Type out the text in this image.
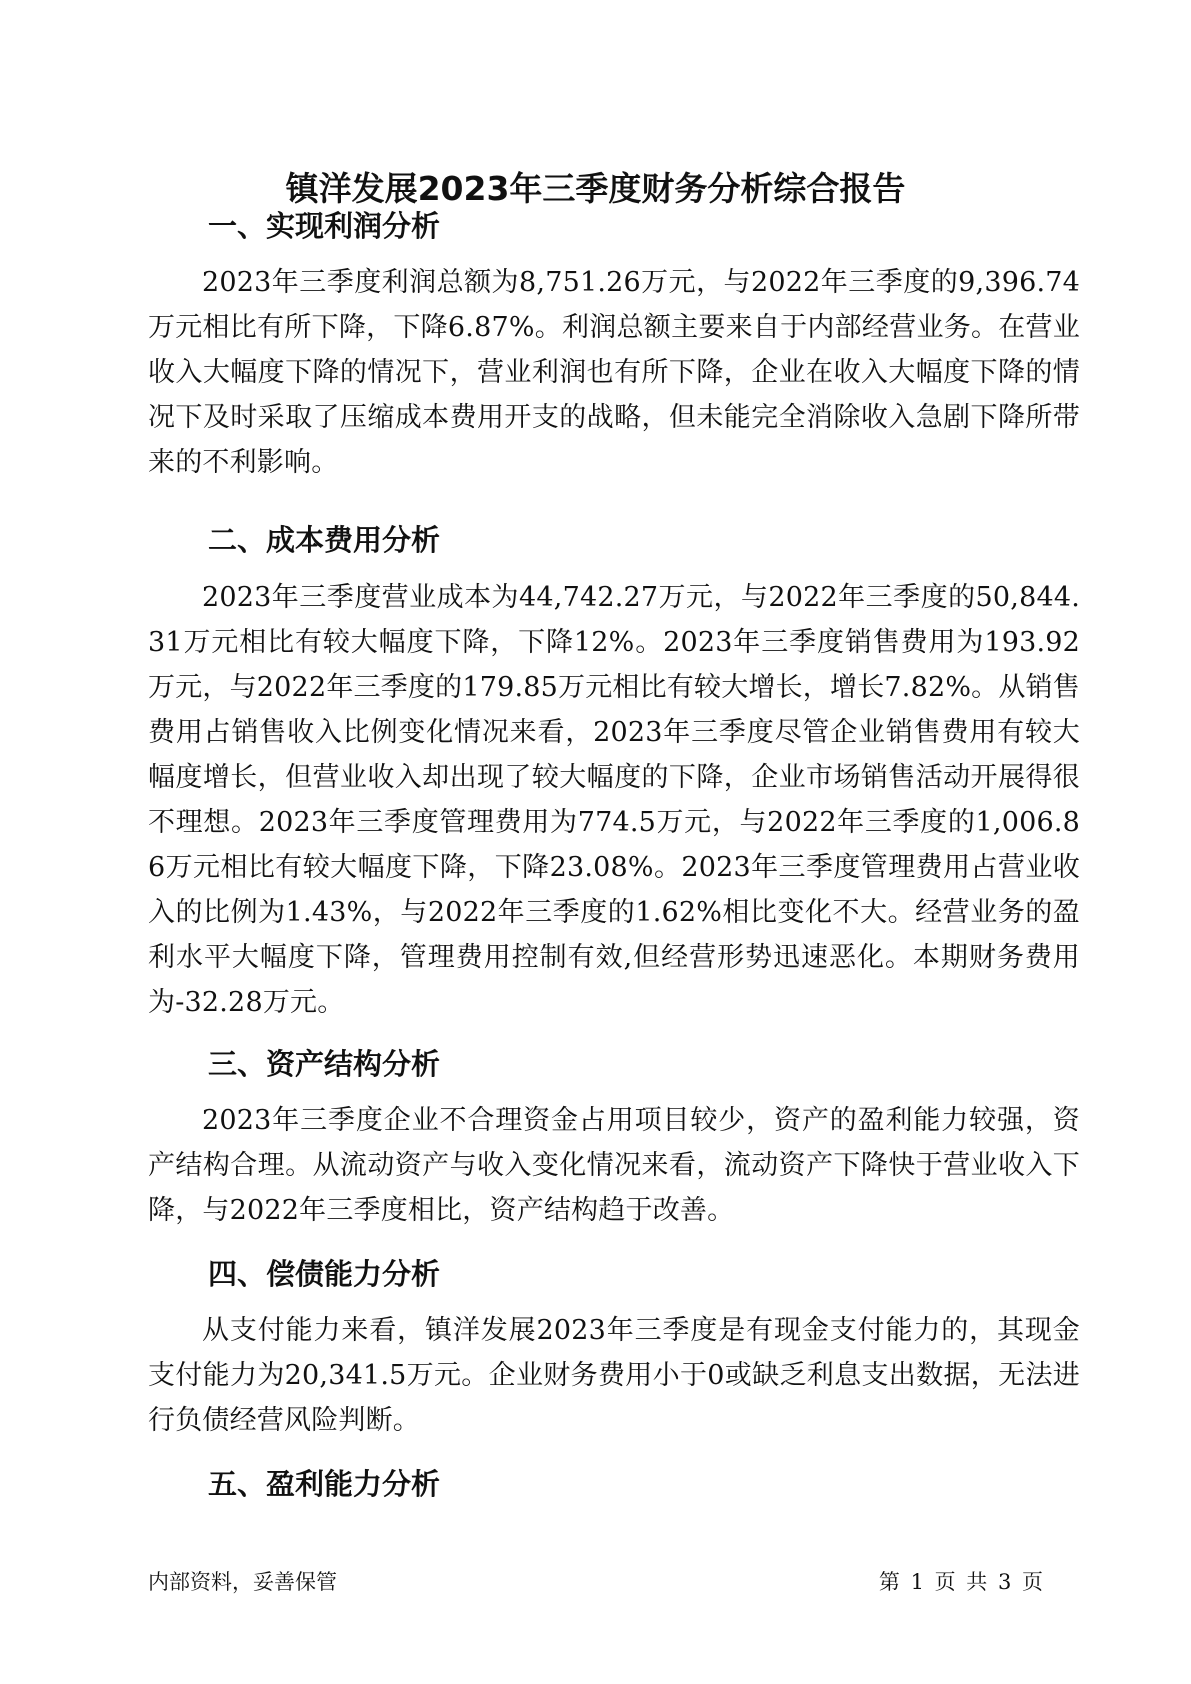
镇洋发展2023年三季度财务分析综合报告
一、实现利润分析

2023年三季度利润总额为8,751.26万元，与2022年三季度的9,396.74万元相比有所下降，下降6.87%。利润总额主要来自于内部经营业务。在营业收入大幅度下降的情况下，营业利润也有所下降，企业在收入大幅度下降的情况下及时采取了压缩成本费用开支的战略，但未能完全消除收入急剧下降所带来的不利影响。

二、成本费用分析

2023年三季度营业成本为44,742.27万元，与2022年三季度的50,844.31万元相比有较大幅度下降，下降12%。2023年三季度销售费用为193.92万元，与2022年三季度的179.85万元相比有较大增长，增长7.82%。从销售费用占销售收入比例变化情况来看，2023年三季度尽管企业销售费用有较大幅度增长，但营业收入却出现了较大幅度的下降，企业市场销售活动开展得很不理想。2023年三季度管理费用为774.5万元，与2022年三季度的1,006.86万元相比有较大幅度下降，下降23.08%。2023年三季度管理费用占营业收入的比例为1.43%，与2022年三季度的1.62%相比变化不大。经营业务的盈利水平大幅度下降，管理费用控制有效,但经营形势迅速恶化。本期财务费用为-32.28万元。

三、资产结构分析

2023年三季度企业不合理资金占用项目较少，资产的盈利能力较强，资产结构合理。从流动资产与收入变化情况来看，流动资产下降快于营业收入下降，与2022年三季度相比，资产结构趋于改善。

四、偿债能力分析

从支付能力来看，镇洋发展2023年三季度是有现金支付能力的，其现金支付能力为20,341.5万元。企业财务费用小于0或缺乏利息支出数据，无法进行负债经营风险判断。

五、盈利能力分析
内部资料，妥善保管	第 1 页 共 3 页
